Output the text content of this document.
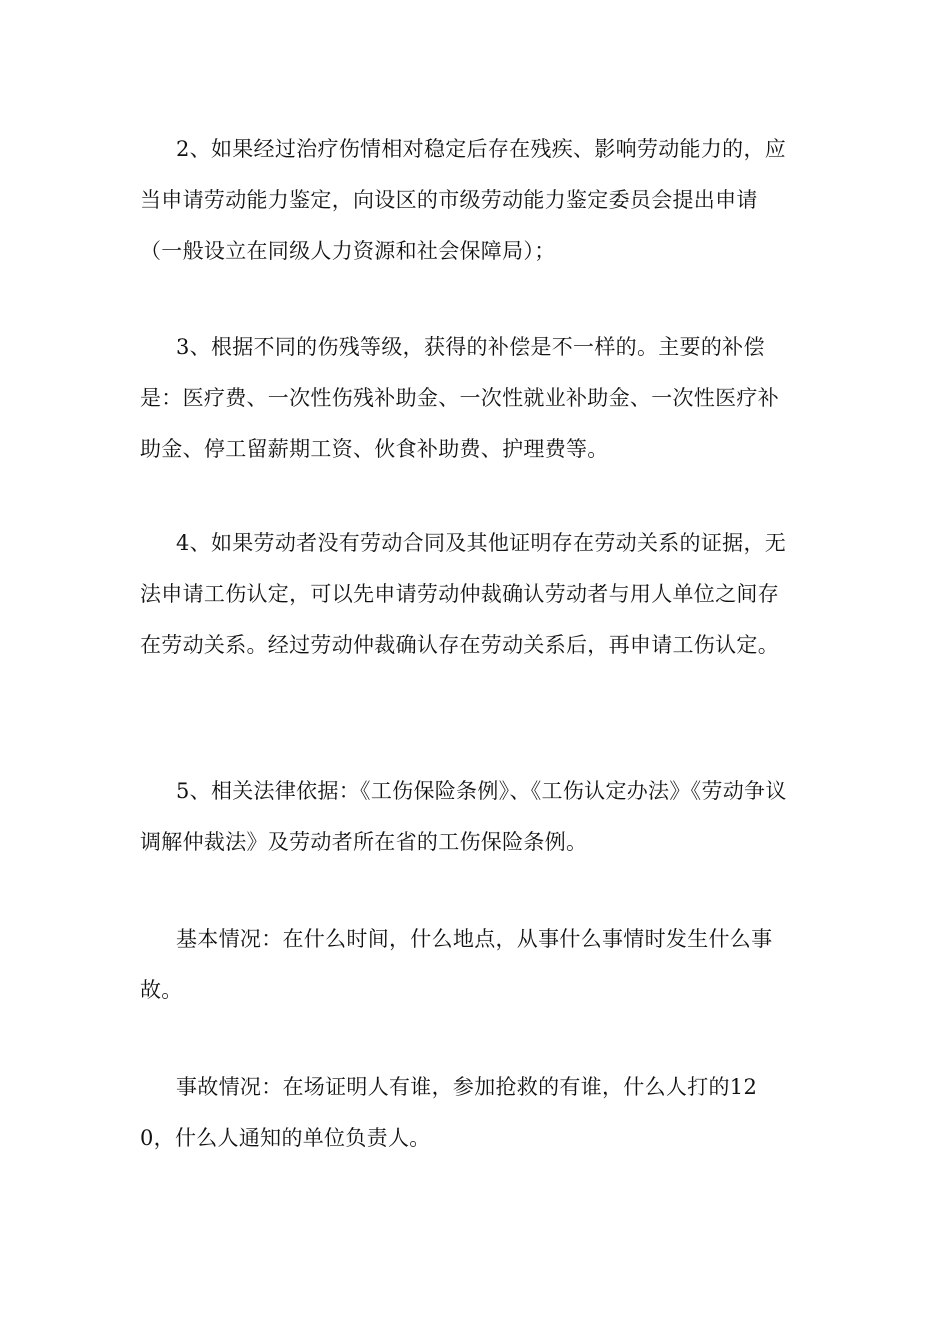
2、如果经过治疗伤情相对稳定后存在残疾、影响劳动能力的，应当申请劳动能力鉴定，向设区的市级劳动能力鉴定委员会提出申请（一般设立在同级人力资源和社会保障局）；

3、根据不同的伤残等级，获得的补偿是不一样的。主要的补偿是：医疗费、一次性伤残补助金、一次性就业补助金、一次性医疗补助金、停工留薪期工资、伙食补助费、护理费等。

4、如果劳动者没有劳动合同及其他证明存在劳动关系的证据，无法申请工伤认定，可以先申请劳动仲裁确认劳动者与用人单位之间存在劳动关系。经过劳动仲裁确认存在劳动关系后，再申请工伤认定。

5、相关法律依据：《工伤保险条例》、《工伤认定办法》《劳动争议调解仲裁法》及劳动者所在省的工伤保险条例。

基本情况：在什么时间，什么地点，从事什么事情时发生什么事故。

事故情况：在场证明人有谁，参加抢救的有谁，什么人打的120，什么人通知的单位负责人。
